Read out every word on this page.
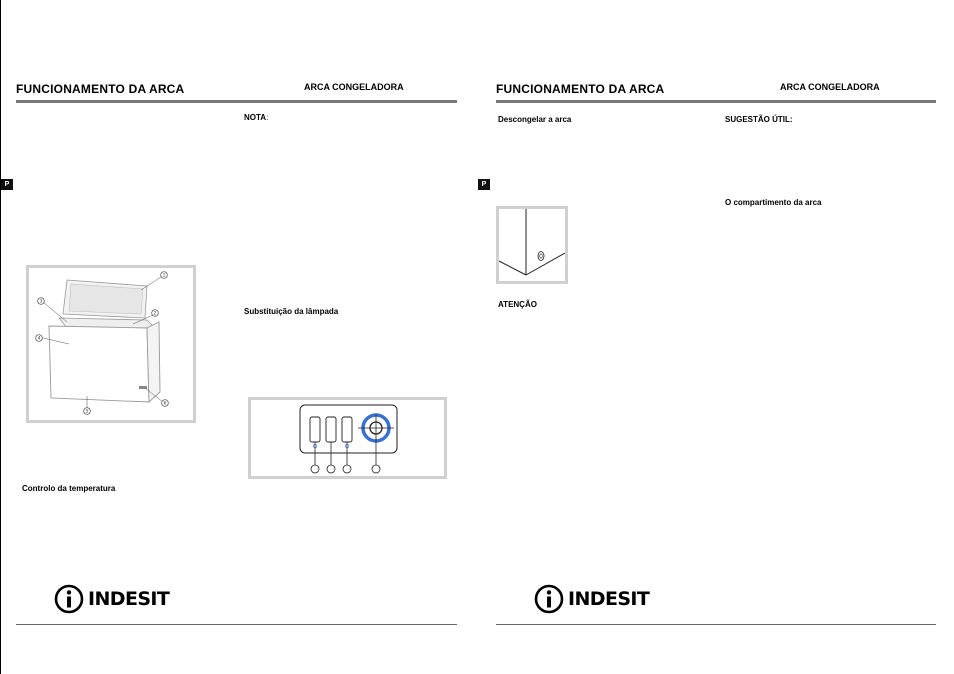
FUNCIONAMENTO DA ARCA	ARCA CONGELADORA
NOTA:
P
1
2
3
4
5
6
Substituição da lâmpada
Controlo da temperatura
INDESIT
FUNCIONAMENTO DA ARCA	ARCA CONGELADORA
Descongelar a arca	SUGESTÃO ÚTIL:
P
O compartimento da arca
ATENÇÃO
INDESIT
